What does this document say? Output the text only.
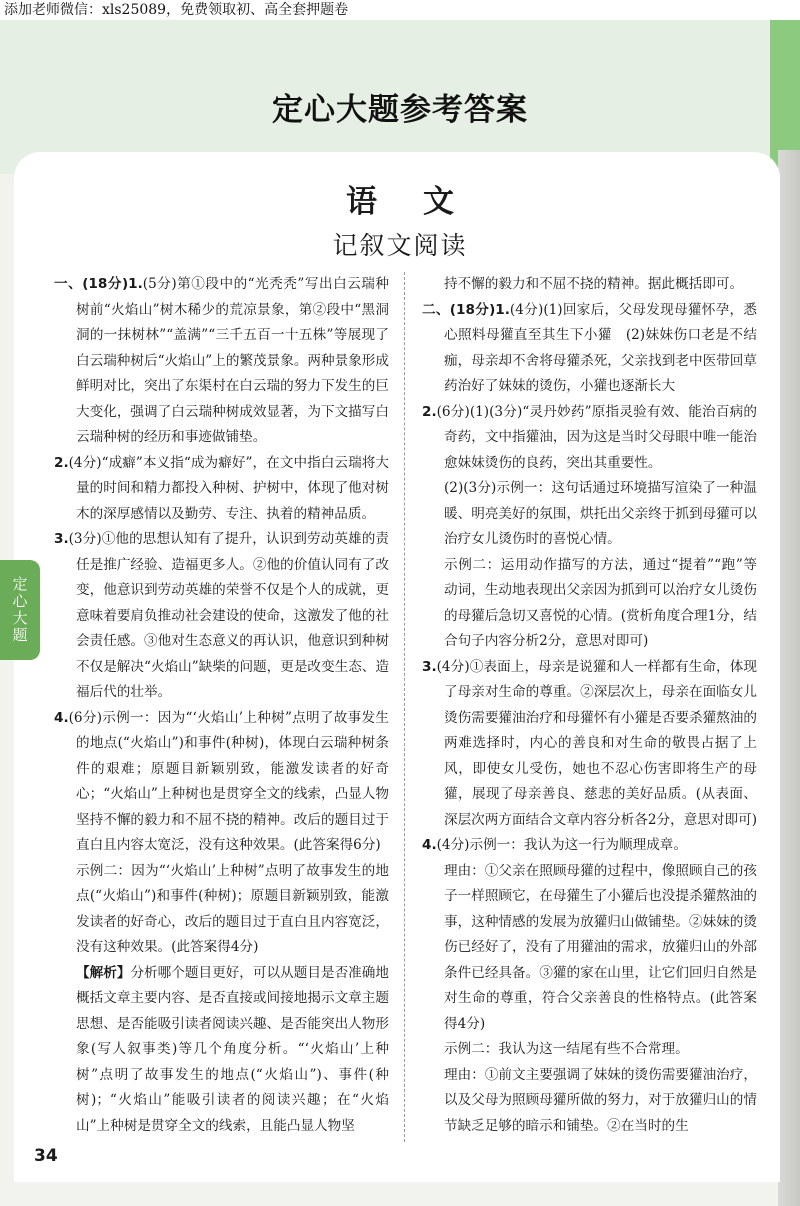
添加老师微信：xls25089，免费领取初、高全套押题卷
定心大题参考答案
语文
记叙文阅读
定心大题

一、(18分)1.(5分)第①段中的“光秃秃”写出白云瑞种树前“火焰山”树木稀少的荒凉景象，第②段中“黑洞洞的一抹树林”“盖满”“三千五百一十五株”等展现了白云瑞种树后“火焰山”上的繁茂景象。两种景象形成鲜明对比，突出了东渠村在白云瑞的努力下发生的巨大变化，强调了白云瑞种树成效显著，为下文描写白云瑞种树的经历和事迹做铺垫。

2.(4分)“成癖”本义指“成为癖好”，在文中指白云瑞将大量的时间和精力都投入种树、护树中，体现了他对树木的深厚感情以及勤劳、专注、执着的精神品质。

3.(3分)①他的思想认知有了提升，认识到劳动英雄的责任是推广经验、造福更多人。②他的价值认同有了改变，他意识到劳动英雄的荣誉不仅是个人的成就，更意味着要肩负推动社会建设的使命，这激发了他的社会责任感。③他对生态意义的再认识，他意识到种树不仅是解决“火焰山”缺柴的问题，更是改变生态、造福后代的壮举。

4.(6分)示例一：因为“‘火焰山’上种树”点明了故事发生的地点(“火焰山”)和事件(种树)，体现白云瑞种树条件的艰难；原题目新颖别致，能激发读者的好奇心；“火焰山”上种树也是贯穿全文的线索，凸显人物坚持不懈的毅力和不屈不挠的精神。改后的题目过于直白且内容太宽泛，没有这种效果。(此答案得6分)

示例二：因为“‘火焰山’上种树”点明了故事发生的地点(“火焰山”)和事件(种树)；原题目新颖别致，能激发读者的好奇心，改后的题目过于直白且内容宽泛，没有这种效果。(此答案得4分)

【解析】分析哪个题目更好，可以从题目是否准确地概括文章主要内容、是否直接或间接地揭示文章主题思想、是否能吸引读者阅读兴趣、是否能突出人物形象(写人叙事类)等几个角度分析。“‘火焰山’上种树”点明了故事发生的地点(“火焰山”)、事件(种树)；“火焰山”能吸引读者的阅读兴趣；在“火焰山”上种树是贯穿全文的线索，且能凸显人物坚

持不懈的毅力和不屈不挠的精神。据此概括即可。

二、(18分)1.(4分)(1)回家后，父母发现母獾怀孕，悉心照料母獾直至其生下小獾　(2)妹妹伤口老是不结痂，母亲却不舍将母獾杀死，父亲找到老中医带回草药治好了妹妹的烫伤，小獾也逐渐长大

2.(6分)(1)(3分)“灵丹妙药”原指灵验有效、能治百病的奇药，文中指獾油，因为这是当时父母眼中唯一能治愈妹妹烫伤的良药，突出其重要性。

(2)(3分)示例一：这句话通过环境描写渲染了一种温暖、明亮美好的氛围，烘托出父亲终于抓到母獾可以治疗女儿烫伤时的喜悦心情。

示例二：运用动作描写的方法，通过“提着”“跑”等动词，生动地表现出父亲因为抓到可以治疗女儿烫伤的母獾后急切又喜悦的心情。(赏析角度合理1分，结合句子内容分析2分，意思对即可)

3.(4分)①表面上，母亲是说獾和人一样都有生命，体现了母亲对生命的尊重。②深层次上，母亲在面临女儿烫伤需要獾油治疗和母獾怀有小獾是否要杀獾熬油的两难选择时，内心的善良和对生命的敬畏占据了上风，即使女儿受伤，她也不忍心伤害即将生产的母獾，展现了母亲善良、慈悲的美好品质。(从表面、深层次两方面结合文章内容分析各2分，意思对即可)

4.(4分)示例一：我认为这一行为顺理成章。

理由：①父亲在照顾母獾的过程中，像照顾自己的孩子一样照顾它，在母獾生了小獾后也没提杀獾熬油的事，这种情感的发展为放獾归山做铺垫。②妹妹的烫伤已经好了，没有了用獾油的需求，放獾归山的外部条件已经具备。③獾的家在山里，让它们回归自然是对生命的尊重，符合父亲善良的性格特点。(此答案得4分)

示例二：我认为这一结尾有些不合常理。

理由：①前文主要强调了妹妹的烫伤需要獾油治疗，以及父母为照顾母獾所做的努力，对于放獾归山的情节缺乏足够的暗示和铺垫。②在当时的生

34
